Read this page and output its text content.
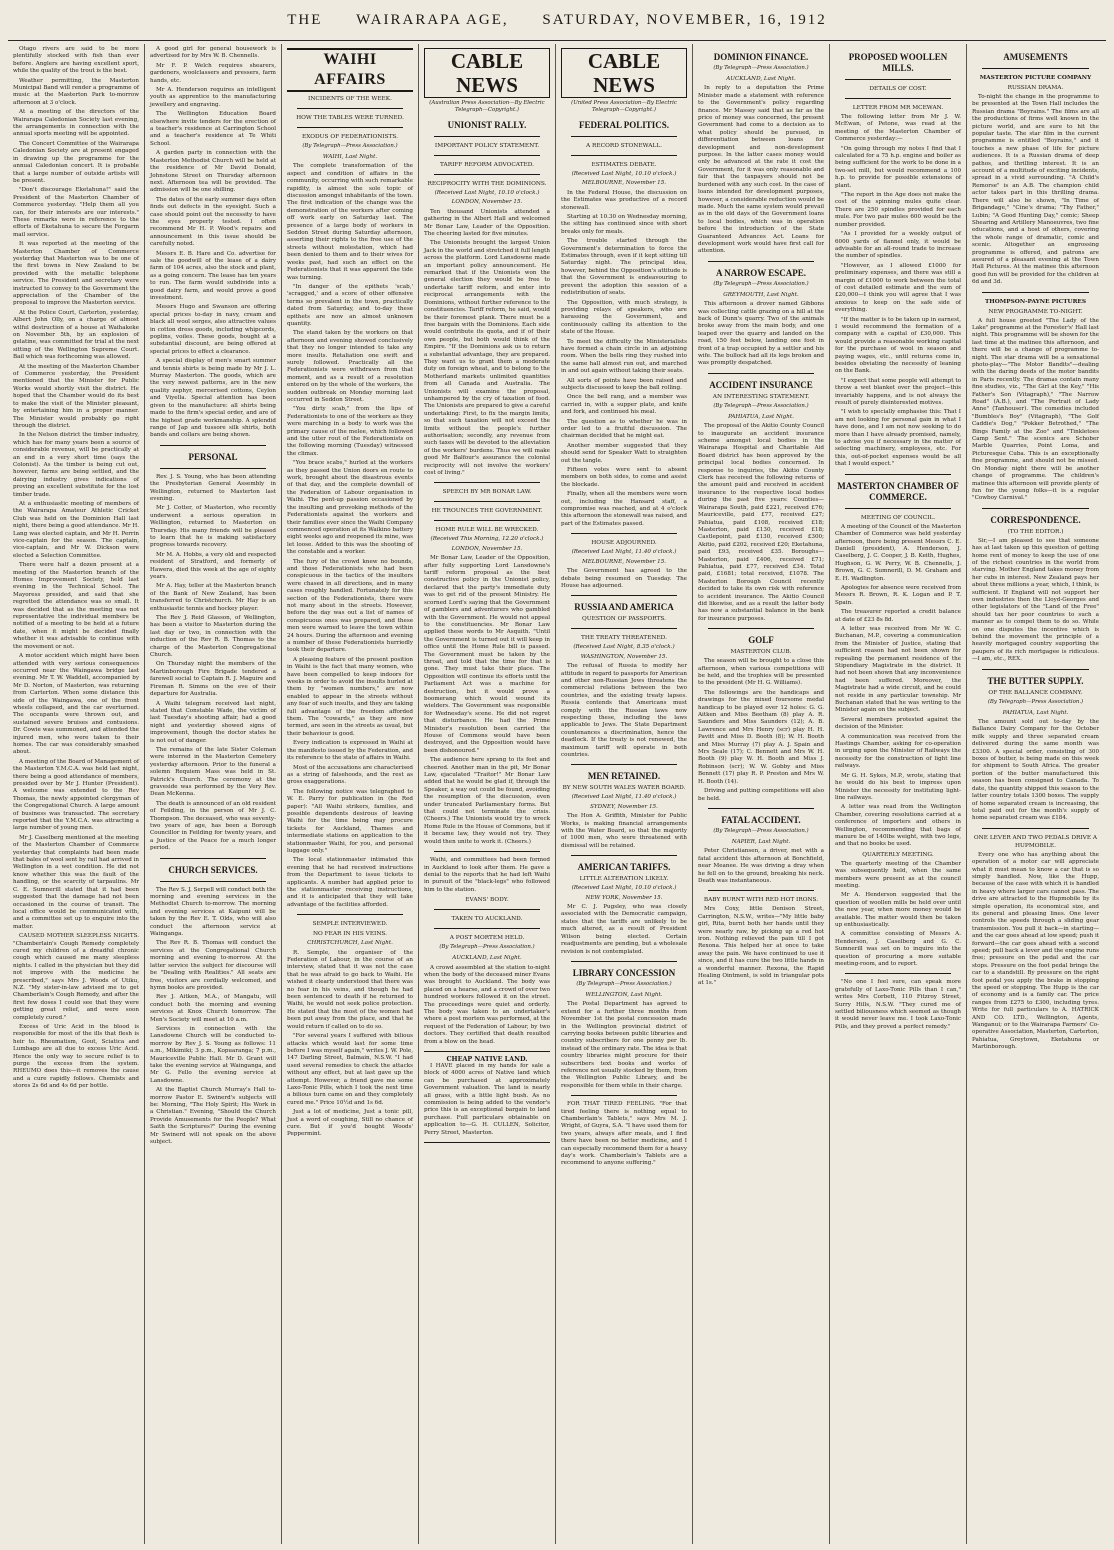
THE WAIRARAPA AGE, SATURDAY, NOVEMBER, 16, 1912

Otago rivers are said to be more plentifully stocked with fish than ever before. Anglers are having excellent sport, while the quality of the trout is the best.

Weather permitting, the Masterton Municipal Band will render a programme of music at the Masterton Park to-morrow afternoon at 3 o'clock.

At a meeting of the directors of the Wairarapa Caledonian Society last evening, the arrangements in connection with the annual sports meeting will be appointed.

The Concert Committee of the Wairarapa Caledonian Society are at present engaged in drawing up the programme for the annual Caledonian concert. It is probable that a large number of outside artists will be present.

"Don't discourage Eketahuna!" said the President of the Masterton Chamber of Commerce yesterday. "Help them all you can, for their interests are our interests." These remarks were in reference to the efforts of Eketahuna to secure the Forgarm mail service.

It was reported at the meeting of the Masterton Chamber of Commerce yesterday that Masterton was to be one of the first towns in New Zealand to be provided with the metallic telephone service. The President and secretary were instructed to convey to the Government the appreciation of the Chamber of the proposal to improve the Masterton service.

At the Police Court, Carterton, yesterday, Albert John Olly, on a charge of almost wilful destruction of a house at Waihakeke on November 5th, by an explosion of gelatine, was committed for trial at the next sitting of the Wellington Supreme Court. Bail which was forthcoming was allowed.

At the meeting of the Masterton Chamber of Commerce yesterday, the President mentioned that the Minister for Public Works would shortly visit the district. He hoped that the Chamber would do its best to make the visit of the Minister pleasant, by entertaining him in a proper manner. The Minister would probably go right through the district.

In the Nelson district the timber industry, which has for many years been a source of considerable revenue, will be practically at an end in a very short time (says the Colonist). As the timber is being cut out, however, farms are being settled, and the dairying industry gives indications of proving an excellent substitute for the lost timber trade.

At a enthusiastic meeting of members of the Wairarapa Amateur Athletic Cricket Club was held on the Dominion Hall last night, there being a good attendance. Mr H. Lang was elected captain, and Mr H. Perrin vice-captain for the season. The captain, vice-captain, and Mr W. Dickson were elected a Selection Committee.

There were half a dozen present at a meeting of the Masterton branch of the Homes Improvement Society, held last evening in the Technical School. The Mayoress presided, and said that she regretted the attendance was so small. It was decided that as the meeting was not representative the individual members be notified of a meeting to be held at a future date, when it might be decided finally whether it was advisable to continue with the movement or not.

A motor accident which might have been attended with very serious consequences occurred near the Waingawa bridge last evening. Mr T. W. Waddell, accompanied by Mr D. Norton, of Masterton, was returning from Carterton. When some distance this side of the Waingawa, one of the front wheels collapsed, and the car overturned. The occupants were thrown out, and sustained severe bruises and contusions. Dr. Cowie was summoned, and attended the injured men, who were taken to their homes. The car was considerably smashed about.

A meeting of the Board of Management of the Masterton Y.M.C.A. was held last night, there being a good attendance of members, presided over by Mr J. Hunter (President). A welcome was extended to the Rev Thomas, the newly appointed clergyman of the Congregational Church. A large amount of business was transacted. The secretary reported that the Y.M.C.A. was attracting a large number of young men.

Mr J. Caselberg mentioned at the meeting of the Masterton Chamber of Commerce yesterday that complaints had been made that bales of wool sent by rail had arrived in Wellington in a wet condition. He did not know whether this was the fault of the handling, or the scarcity of tarpaulins. Mr C. E. Sumnerill stated that it had been suggested that the damage had not been occasioned in the course of transit. The local office would be communicated with, and a committee set up to enquire into the matter.

CAUSED MOTHER SLEEPLESS NIGHTS. "Chamberlain's Cough Remedy completely cured my children of a dreadful chronic cough which caused me many sleepless nights. I called in the physician but they did not improve with the medicine he prescribed," says Mrs J. Woods of Utiku, N.Z. "My sister-in-law advised me to get Chamberlain's Cough Remedy, and after the first few doses I could see that they were getting great relief, and were soon completely cured."

Excess of Uric Acid in the blood is responsible for most of the ills that flesh is heir to. Rheumatism, Gout, Sciatica and Lumbago are all due to excess Uric Acid. Hence the only way to secure relief is to purge the excess from the system. RHEUMO does this—it removes the cause and a cure rapidly follows. Chemists and stores 2s 6d and 4s 6d per bottle.

A good girl for general housework is advertised for by Mrs W. B. Chennells.

Mr F. P. Welch requires shearers, gardeners, woolclassers and pressers, farm hands, etc.

Mr A. Henderson requires an intelligent youth as apprentice to the manufacturing jewellery and engraving.

The Wellington Education Board elsewhere invite tenders for the erection of a teacher's residence at Carrington School and a teacher's residence at Te Whiti School.

A garden party in connection with the Masterton Methodist Church will be held at the residence of Mr David Donald, Johnstone Street on Thursday afternoon next. Afternoon tea will be provided. The admission will be one shilling.

The dates of the early summer days often finds out defects in the eyesight. Such a case should point out the necessity to have the eyes properly tested. I often recommend Mr H. P. Wood's repairs and announcement in this issue should be carefully noted.

Messrs E. B. Hare and Co. advertise for sale the goodwill of the lease of a dairy farm of 104 acres, also the stock and plant, as a going concern. The lease has ten years to run. The farm would subdivide into a good dairy farm, and would prove a good investment.

Messrs Hugo and Swanson are offering special prices to-day in navy, cream and black all wool serges, also attractive values in cotton dress goods, including whipcords, poplins, voiles. These goods, bought at a substantial discount, are being offered at special prices to effect a clearance.

A special display of men's smart summer and tennis shirts is being made by Mr J. L. Murray Masterton. The goods, which are the very newest patterns, are in the new quality zephyr, mercerised cottons, Ceylon and Viyella. Special attention has been given to the manufacture: all shirts being made to the firm's special order, and are of the highest grade workmanship. A splendid range of Jap and tussore silk shirts, both bands and collars are being shown.

PERSONAL

Rev. J. S. Young, who has been attending the Presbyterian General Assembly in Wellington, returned to Masterton last evening.

Mr J. Cotter, of Masterton, who recently underwent a serious operation in Wellington, returned to Masterton on Thursday. His many friends will be pleased to learn that he is making satisfactory progress towards recovery.

Mr M. A. Hobbs, a very old and respected resident of Stratford, and formerly of Hawera, died this week at the age of eighty years.

Mr A. Hay, teller at the Masterton branch of the Bank of New Zealand, has been transferred to Christchurch. Mr Hay is an enthusiastic tennis and hockey player.

The Rev J. Reid Glasson, of Wellington, has been a visitor to Masterton during the last day or two, in connection with the induction of the Rev R. B. Thomas to the charge of the Masterton Congregational Church.

On Thursday night the members of the Martinborough Fire Brigade tendered a farewell social to Captain R. J. Maguire and Fireman R. Simms on the eve of their departure for Australia.

A Waihi telegram received last night, stated that Constable Wade, the victim of last Tuesday's shooting affair, had a good night and yesterday showed signs of improvement, though the doctor states he is not out of danger.

The remains of the late Sister Coleman were interred in the Masterton Cemetery yesterday afternoon. Prior to the funeral a solemn Requiem Mass was held in St. Patrick's Church. The ceremony at the graveside was performed by the Very Rev. Dean McKenna.

The death is announced of an old resident of Feilding, in the person of Mr J. C. Thompson. The deceased, who was seventy-two years of age, has been a Borough Councillor in Feilding for twenty years, and a Justice of the Peace for a much longer period.

CHURCH SERVICES.

The Rev S. J. Serpell will conduct both the morning and evening services in the Methodist Church to-morrow. The morning and evening services at Kaipuni will be taken by the Rev E. T. Olds, who will also conduct the afternoon service at Wainganga.

The Rev R. B. Thomas will conduct the services at the Congregational Church morning and evening to-morrow. At the latter service the subject for discourse will be "Dealing with Realities." All seats are free, visitors are cordially welcomed, and hymn books are provided.

Rev J. Aitken, M.A., of Mangatu, will conduct both the morning and evening services at Knox Church tomorrow. The Men's Society will meet at 10 a.m.

Services in connection with the Lansdowne Church will be conducted to-morrow by Rev J. S. Young as follows: 11 a.m., Mikimiki; 3 p.m., Kopuaranga; 7 p.m., Mauriceville Public Hall. Mr D. Grant will take the evening service at Wainganga, and Mr G. Fello the evening service at Lansdowne.

At the Baptist Church Murray's Hall to-morrow Pastor E. Swinerd's subjects will be: Morning, "The Holy Spirit; His Work in a Christian." Evening, "Should the Church Provide Amusements for the People? What Saith the Scriptures?" During the evening Mr Swinerd will not speak on the above subject.

WAIHI AFFAIRS
INCIDENTS OF THE WEEK.
HOW THE TABLES WERE TURNED.
EXODUS OF FEDERATIONISTS.
(By Telegraph—Press Association.)
WAIHI, Last Night.

The complete transformation of the aspect and condition of affairs in the community, occurring with such remarkable rapidity, is almost the sole topic of discussion amongst inhabitants of the town. The first indication of the change was the demonstration of the workers after coming off work early on Saturday last. The presence of a large body of workers in Seddon Street during Saturday afternoon, asserting their rights to the free use of the streets without molestation, which had been denied to them and to their wives for weeks past, had such an effect on the Federationists that it was apparent the tide was turning.

"In danger of the epithets 'scab,' 'scragged,' and a score of other offensive terms so prevalent in the town, practically dated from Saturday, and to-day these epithets are now an almost unknown quantity.

The stand taken by the workers on that afternoon and evening showed conclusively that they no longer intended to take any more insults. Retaliation one swift and surely followed. Practically all the Federationists were withdrawn from that moment, and as a result of a resolution entered on by the whole of the workers, the sudden outbreak on Monday morning last occurred in Seddon Street.

"You dirty scab," from the lips of Federationists to one of the workers as they were marching in a body to work was the primary cause of the melee, which followed and the utter rout of the Federationists on the following morning (Tuesday) witnessed the climax.

"You brace scabs," hurled at the workers as they passed the Union doors en route to work, brought about the disastrous events of that day, and the complete downfall of the Federation of Labour organisation in Waihi. The pent-up passion occasioned by the insulting and provoking methods of the Federationists against the workers and their families ever since the Waihi Company commenced operation at its Waikino battery eight weeks ago and reopened its mine, was let loose. Added to this was the shooting of the constable and a worker.

The fury of the crowd knew no bounds, and those Federationists who had been conspicuous in the tactics of the insulters were chased in all directions, and in many cases roughly handled. Fortunately for this section of the Federationists, there were not many about in the streets. However, before the day was out a list of names of conspicuous ones was prepared, and these men were warned to leave the town within 24 hours. During the afternoon and evening a number of these Federationists hurriedly took their departure.

A pleasing feature of the present position in Waihi is the fact that many women, who have been compelled to keep indoors for weeks in order to avoid the insults hurled at them by "women numbers," are now enabled to appear in the streets without any fear of such insults, and they are taking full advantage of the freedom afforded them. The "cowards," as they are now termed, are seen in the streets as usual, but their behaviour is good.

Every indication is expressed in Waihi at the manifesto issued by the Federation, and its reference to the state of affairs in Waihi.

Most of the accusations are characterised as a string of falsehoods, and the rest as gross exaggerations.

The following notice was telegraphed to W. E. Parry for publication in (he Red paper): "All Waihi strikers, families, and possible dependents desirous of leaving Waihi for the time being may procure tickets for Auckland, Thames and intermediate stations on application to the stationmaster Waihi, for you, and personal luggage only."

The local stationmaster intimated this evening that he had received instructions from the Department to issue tickets to applicants. A number had applied prior to the stationmaster receiving instructions, and it is anticipated that they will take advantage of the facilities afforded.

SEMPLE INTERVIEWED.
NO FEAR IN HIS VEINS.
CHRISTCHURCH, Last Night.

R. Semple, the organiser of the Federation of Labour, in the course of an interview, stated that it was not the case that he was afraid to go back to Waihi. He wished it clearly understood that there was no fear in his veins, and though he had been sentenced to death if he returned to Waihi, he would not seek police protection. He stated that the most of the women had been put away from the place, and that he would return if called on to do so.

"For several years I suffered with bilious attacks which would last for some time before I was myself again," writes J. W. Pole, 147 Darling Street, Balmain, N.S.W. "I had used several remedies to check the attacks without any effect, but at last gave up the attempt. However, a friend gave me some Laxo-Tonic Pills, which I took the next time a bilious turn came on and they completely cured me." Price 10½d and 1s 6d.

Just a lot of medicine, Just a tonic pill, Just a word of coughing, Still no chance of cure. But if you'd bought Woods' Peppermint.

CABLE NEWS
(Australian Press Association—By Electric Telegraph—Copyright.)
UNIONIST RALLY.
IMPORTANT POLICY STATEMENT.
TARIFF REFORM ADVOCATED.
RECIPROCITY WITH THE DOMINIONS.
(Received Last Night, 10.10 o'clock.)
LONDON, November 15.

Ten thousand Unionists attended a gathering in the Albert Hall and welcomed Mr Bonar Law, Leader of the Opposition. The cheering lasted for five minutes.

The Unionists brought the largest Union Jack in the world and stretched it full length across the platform. Lord Lansdowne made an important policy announcement. He remarked that if the Unionists won the general election they would be free to undertake tariff reform, and enter into reciprocal arrangements with the Dominions, without further reference to the constituencies. Tariff reform, he said, would be their foremost plank. There must be a free bargain with the Dominions. Each side would contribute its quota, and if of their own people, but both would think of the Empire. "If the Dominions ask us to return a substantial advantage, they are prepared. They want us to grant them a moderate duty on foreign wheat, and to belong to the Motherland markets unlimited quantities from all Canada and Australia. The Unionists will examine the proposal, unhampered by the cry of taxation of food. The Unionists are prepared to give a careful undertaking: First, to fix the margin limits, so that such taxation will not exceed the limits without the people's further authorisation; secondly, any revenue from such taxes will be devoted to the alleviation of the workers' burdens. Thus we will make good Mr Balfour's assurance the colonial reciprocity will not involve the workers' cost of living."

SPEECH BY MR BONAR LAW.
HE TROUNCES THE GOVERNMENT.
HOME RULE WILL BE WRECKED.
(Received This Morning, 12.20 o'clock.)
LONDON, November 15.

Mr Bonar Law, Leader of the Opposition, after fully supporting Lord Lansdowne's tariff reform proposal as the best constructive policy in the Unionist policy, declared that the party's immediate duty was to get rid of the present Ministry. He scorned Lord's saying that the Government of gamblers and adventurers who gambled with the Government. He would not appeal to the constituencies. Mr Bonar Law applied these words to Mr Asquith. "Until the Government is turned out it will keep in office until the Home Rule bill is passed. The Government must be taken by the throat, and told that the time for that is gone. They must take their place. The Opposition will continue its efforts until the Parliament Act was a machine for destruction, but it would prove a boomerang which would wound its wielders. The Government was responsible for Wednesday's scene. He did not regret that disturbance. He had the Prime Minister's resolution been carried the House of Commons would have been destroyed, and the Opposition would have been dishonoured."

The audience here sprang to its feet and cheered. Another man in the pit, Mr Bonar Law, ejaculated "Traitor!" Mr Bonar Law added that he would be glad if, through the Speaker, a way out could be found, avoiding the resumption of the discussion, even under truncated Parliamentary forms. But that could not terminate the crisis. (Cheers.) The Unionists would try to wreck Home Rule in the House of Commons, but if it became law, they would not try. They would then unite to work it. (Cheers.)

Waihi, and committees had been formed in Auckland to look after them. He gave a denial to the reports that he had left Waihi in pursuit of the "black-legs" who followed him to the station.

EVANS' BODY.
TAKEN TO AUCKLAND.
A POST MORTEM HELD.
(By Telegraph—Press Association.)
AUCKLAND, Last Night.

A crowd assembled at the station to-night when the body of the deceased miner Evans was brought to Auckland. The body was placed on a hearse, and a crowd of over two hundred workers followed it on the street. The proceedings were quiet and orderly. The body was taken to an undertaker's where a post mortem was performed, at the request of the Federation of Labour, by two doctors. They certified that death resulted from a blow on the head.

CHEAP NATIVE LAND.

I HAVE placed in my hands for sale a block of 4000 acres of Native land which can be purchased at approximately Government valuation. The land is nearly all grass, with a little light bush. As no commission is being added to the vendor's price this is an exceptional bargain to land purchase. Full particulars obtainable on application to—G. H. CULLEN, Solicitor, Perry Street, Masterton.

CABLE NEWS
(United Press Association—By Electric Telegraph—Copyright.)
FEDERAL POLITICS.
A RECORD STONEWALL.
ESTIMATES DEBATE.
(Received Last Night, 10.10 o'clock.)
MELBOURNE, November 15.

In the Federal House, the discussion on the Estimates was productive of a record stonewall.

Starting at 10.30 on Wednesday morning, the sitting has continued since with short breaks only for meals.

The trouble started through the Government's determination to force the Estimates through, even if it kept sitting till Saturday night. The principal idea, however, behind the Opposition's attitude is that the Government is endeavouring to prevent the adoption this session of a redistribution of seats.

The Opposition, with much strategy, is providing relays of speakers, who are harassing the Government, and continuously calling its attention to the state of the House.

To meet the difficulty the Ministerialists have formed a chain circle in an adjoining room. When the bells ring they rushed into the same hall almost run out, and marched in and out again without taking their seats.

All sorts of points have been raised and subjects discussed to keep the ball rolling.

Once the bell rang, and a member was carried in, with a supper plate, and knife and fork, and continued his meal.

The question as to whether he was in order led to a fruitful discussion. The chairman decided that he might eat.

Another member suggested that they should send for Speaker Watt to straighten out the tangle.

Fifteen votes were sent to absent members on both sides, to come and assist the blockade.

Finally, when all the members were worn out, including the Hansard staff, a compromise was reached, and at 4 o'clock this afternoon the stonewall was raised, and part of the Estimates passed.

HOUSE ADJOURNED.
(Received Last Night, 11.40 o'clock.)
MELBOURNE, November 15.

The Government has agreed to the debate being resumed on Tuesday. The House has adjourned.

RUSSIA AND AMERICA
QUESTION OF PASSPORTS.
THE TREATY THREATENED.
(Received Last Night, 8.35 o'clock.)
WASHINGTON, November 15.

The refusal of Russia to modify her attitude in regard to passports for American and other non-Russian Jews threatens the commercial relations between the two countries, and the existing treaty lapses. Russia contends that Americans must comply with the Russian laws now respecting these, including the laws applicable to Jews. The State Department countenances a discrimination, hence the deadlock. If the treaty is not renewed, the maximum tariff will operate in both countries.

MEN RETAINED.
BY NEW SOUTH WALES WATER BOARD.
(Received Last Night, 11.40 o'clock.)
SYDNEY, November 15.

The Hon A. Griffith, Minister for Public Works, is making financial arrangements with the Water Board, so that the majority of 1000 men, who were threatened with dismissal will be retained.

AMERICAN TARIFFS.
LITTLE ALTERATION LIKELY.
(Received Last Night, 10.10 o'clock.)
NEW YORK, November 15.

Mr C. J. Pugsley, who was closely associated with the Democratic campaign, states that the tariffs are unlikely to be much altered, as a result of President Wilson being elected. Certain readjustments are pending, but a wholesale revision is not contemplated.

LIBRARY CONCESSION
(By Telegraph—Press Association.)
WELLINGTON, Last Night.

The Postal Department has agreed to extend for a further three months from November 1st the postal concession made in the Wellington provincial district of carrying books between public libraries and country subscribers for one penny per lb. instead of the ordinary rate. The idea is that country libraries might procure for their subscribers text books and works of reference not usually stocked by them, from the Wellington Public Library, and be responsible for them while in their charge.

FOR THAT TIRED FEELING. "For that tired feeling there is nothing equal to Chamberlain's Tablets," says Mrs M. J. Wright, of Guyra, S.A. "I have used them for two years, always after meals, and I find there have been no better medicine, and I can especially recommend them for a heavy day's work. Chamberlain's Tablets are a recommend to anyone suffering."

DOMINION FINANCE.
(By Telegraph—Press Association.)
AUCKLAND, Last Night.

In reply to a deputation the Prime Minister made a statement with reference to the Government's policy regarding finance. Mr Massey said that as far as the price of money was concerned, the present Government had come to a decision as to what policy should be pursued, in differentiation between loans for development and non-development purpose. In the latter cases money would only be advanced at the rate it cost the Government, for it was only reasonable and fair that the taxpayers should not be burdened with any such cost. In the case of loans intended for development purposes, however, a considerable reduction would be made. Much the same system would prevail as in the old days of the Government loans to local bodies, which was in operation before the introduction of the State Guaranteed Advances Act. Loans for development work would have first call for attention.

A NARROW ESCAPE.
(By Telegraph—Press Association.)
GREYMOUTH, Last Night.

This afternoon a drover named Gibbons was collecting cattle grazing on a hill at the back of Dunn's quarry. Two of the animals broke away from the main body, and one leaped over the quarry and landed on the road, 150 feet below, landing one foot in front of a trap occupied by a settler and his wife. The bullock had all its legs broken and was promptly despatched.

ACCIDENT INSURANCE
AN INTERESTING STATEMENT.
(By Telegraph—Press Association.)
PAHIATUA, Last Night.

The proposal of the Akitio County Council to inaugurate an accident insurance scheme amongst local bodies in the Wairarapa Hospital and Charitable Aid Board district has been approved by the principal local bodies concerned. In response to inquiries, the Akitio County Clerk has received the following returns of the amount paid and received in accident insurance to the respective local bodies during the past five years: Counties—Wairarapa South, paid £221, received £76; Mauriceville, paid £77, received £27; Pahiatua, paid £108, received £18; Masterton, paid £130, received £18; Castlepoint, paid £130, received £300; Akitio, paid £202, received £20; Eketahuna, paid £93, received £35. Boroughs—Masterton, paid £406, received £71; Pahiatua, paid £77, received £34. Total paid, £1681; total received, £1078. The Masterton Borough Council recently decided to take its own risk with reference to accident insurance. The Akitio Council did likewise, and as a result the latter body has now a substantial balance in the bank for insurance purposes.

GOLF
MASTERTON CLUB.

The season will be brought to a close this afternoon, when various competitions will be held, and the trophies will be presented to the president (Mr H. G. Williams).

The followings are the handicaps and drawings for the mixed foursome medal handicap to be played over 12 holes: G. G. Aitken and Miss Beetham (8) play A. R. Saunders and Miss Saunders (12); A. B. Lawrence and Mrs Henry (scr) play H. H. Pavitt and Miss D. Booth (8); W. H. Booth and Miss Murray (7) play A. J. Spain and Mrs Seale (17); C. Bennett and Mrs W. H. Booth (9) play W. H. Booth and Miss J. Robinson (scr); W. W. Gobby and Miss Bennett (17) play R. P. Preston and Mrs W. H. Booth (14).

Driving and putting competitions will also be held.

FATAL ACCIDENT.
(By Telegraph—Press Association.)
NAPIER, Last Night.

Peter Christiansen, a driver, met with a fatal accident this afternoon at Bonchfield, near Meanee. He was driving a dray when he fell on to the ground, breaking his neck. Death was instantaneous.

BABY BURNT WITH RED HOT IRONS.

Mrs Coxy, little Denison Street, Carrington, N.S.W., writes—"My little baby girl, Rita, burnt both her hands until they were nearly raw, by picking up a red hot iron. Nothing relieved the pain till I got Rexona. This helped her at once to take away the pain. We have continued to use it since, and it has cure the two little hands in a wonderful manner. Rexona, the Rapid Healing Ointment, is sold in triangular pots at 1s."

PROPOSED WOOLLEN MILLS.
DETAILS OF COST.
LETTER FROM MR MCEWAN.

The following letter from Mr J. W. McEwan, of Petone, was read at the meeting of the Masterton Chamber of Commerce yesterday:—

"On going through my notes I find that I calculated for a 75 h.p. engine and boiler as being sufficient for the work to be done in a two-set mill, but would recommend a 100 h.p. to provide for possible extensions of plant.

"The report in the Age does not make the cost of the spinning mules quite clear. There are 250 spindles provided for each mule. For two pair mules 600 would be the number provided.

"As I provided for a weekly output of 6000 yards of flannel only, it would be advisable for an all-round trade to increase the number of spindles.

"However, as I allowed £1000 for preliminary expenses, and there was still a margin of £1000 to work between the total of cost detailed estimate and the sum of £20,000—I think you will agree that I was anxious to keep on the safe side of everything.

"If the matter is to be taken up in earnest, I would recommend the formation of a company with a capital of £30,000. This would provide a reasonable working capital for the purchase of wool in season and paying wages, etc., until returns come in, besides obviating the necessity of leaning on the Bank.

"I expect that some people will attempt to throw a wet blanket over the project—this invariably happens, and is not always the result of purely disinterested motives.

"I wish to specially emphasise this: That I am not looking for personal gain in what I have done, and I am not now seeking to do more than I have already promised, namely, to advise you if necessary in the matter of selecting machinery, employees, etc. For this, out-of-pocket expenses would be all that I would expect."

MASTERTON CHAMBER OF COMMERCE.
MEETING OF COUNCIL.

A meeting of the Council of the Masterton Chamber of Commerce was held yesterday afternoon, there being present Messrs C. E. Daniell (president), A. Henderson, J. Caselberg, J. C. Cooper, J. B. Keith, Hughes, Hughson, G. W. Perry, W. B. Chennells, J. Brown, G. C. Sumnerill, D. M. Graham and E. H. Wadlington.

Apologies for absence were received from Messrs R. Brown, R. K. Logan and P. T. Spain.

The treasurer reported a credit balance at date of £23 8s 8d.

A letter was received from Mr W. C. Buchanan, M.P., covering a communication from the Minister of Justice, stating that sufficient reason had not been shown for repealing the permanent residence of the Stipendiary Magistrate in the district. It had not been shown that any inconvenience had been suffered. Moreover, the Magistrate had a wide circuit, and he could not reside in any particular township. Mr Buchanan stated that he was writing to the Minister again on the subject.

Several members protested against the decision of the Minister.

A communication was received from the Hastings Chamber, asking for co-operation in urging upon the Minister of Railways the necessity for the construction of light line railways.

Mr G. H. Sykes, M.P., wrote, stating that he would do his best to impress upon Minister the necessity for instituting light-line railways.

A letter was read from the Wellington Chamber, covering resolutions carried at a conference of importers and others in Wellington, recommending that bags of manure be of 140lbs weight, with two legs, and that no books be used.

QUARTERLY MEETING.

The quarterly meeting of the Chamber was subsequently held, when the same members were present as at the council meeting.

Mr A. Henderson suggested that the question of woollen mills be held over until the new year, when more money would be available. The matter would then be taken up enthusiastically.

A committee consisting of Messrs A. Henderson, J. Caselberg and G. C. Sumnerill was set on to inquire into the question of procuring a more suitable meeting-room, and to report.

"No one I feel sure, can speak more gratefully of Laxo-Tonic Pills than I can," writes Mrs Corbett, 110 Fitzroy Street, Surry Hills, N.S.W. "They cured me of settled biliousness which seemed as though it would never leave me. I took Laxo-Tonic Pills, and they proved a perfect remedy."

AMUSEMENTS
MASTERTON PICTURE COMPANY
RUSSIAN DRAMA.

To-night the change in the programme to be presented at the Town Hall includes the Russian drama "Boyrains." The films are all the productions of firms well known in the picture world, and are sure to hit the popular taste. The star film in the current programme is entitled "Boyrains," and it touches a new phase of life for picture audiences. It is a Russian drama of deep pathos, and thrilling interest. It is an account of a multitude of exciting incidents, spread in a vivid surrounding. "A Child's Remorse" is an A.B. The champion child actor takes part in this thrilling drama. There will also be shown, "In Time of Brigandage," "Cine's drama; "Thy Father," Lubin; "A Good Hunting Day," comic; Sheep Shearing and Artillery Manoeuvres, two fine educations, and a host of others, covering the whole range of dramatic, comic and scenic. Altogether an engrossing programme is offered, and patrons are assured of a pleasant evening at the Town Hall Pictures. At the matinee this afternoon good fun will be provided for the children at 6d and 3d.

THOMPSON-PAYNE PICTURES
NEW PROGRAMME TO-NIGHT.

A full house greeted "The Lady of the Lake" programme at the Forester's' Hall last night. This programme will be shown for the last time at the matinee this afternoon, and there will be a change of programme to-night. The star drama will be a sensational photo-play—"The Motor Bandits"—dealing with the daring deeds of the motor bandits in Paris recently. The dramas contain many fine studies, viz., "The Girl at the Key," "His Father's Son (Vitagraph)," "The Narrow Road" (A.B.), and "The Portrait of Lady Anne" (Tanhouser). The comedies included "Bumbles's Boy" (Vitagraph), "The Golf Caddie's Dog," "Pokker Betrothed," "The Bings Family at the Zoo" and "Tinkletoes Camp Sent." The scenics are Schober Marble Quarries, Point Loma, and Picturesque Cuba. This is an exceptionally fine programme, and should not be missed. On Monday night there will be another change of programme. The children's matinee this afternoon will provide plenty of fun for the young folks—it is a regular "Cowboy Carnival."

CORRESPONDENCE.
(TO THE EDITOR.)

Sir,—I am pleased to see that someone has at last taken up this question of getting home rent of money to keep the use of one of the richest countries in the world from starving. Mother England takes money from her cubs in interest. New Zealand pays her about three millions a year, which, I think, is sufficient. If England will not support her own industries then the Lloyd-Georges and other legislators of the "Land of the Free" should tax her poor countries to such a manner as to compel them to do so. While on one disputes the incentive which is behind the movement the principle of a heavily mortgaged country supporting the paupers of its rich mortgagee is ridiculous.—I am, etc., REX.

THE BUTTER SUPPLY.
OF THE BALLANCE COMPANY.
(By Telegraph—Press Association.)
PAHIATUA, Last Night.

The amount sold out to-day by the Ballance Dairy Company for the October milk supply and three separated cream delivered during the same month was £3300. A special order, consisting of 300 boxes of butter, is being made on this week for shipment to South Africa. The greater portion of the butter manufactured this season has been consigned to Canada. To date, the quantity shipped this season to the latter country totals 1300 boxes. The supply of home separated cream is increasing, the total paid out for the month's supply of home separated cream was £184.

ONE LEVER AND TWO PEDALS DRIVE A HUPMOBILE.

Every one who has anything about the operation of a motor car will appreciate what it must mean to know a car that is so simply handled. Now, like the Hupp, because of the case with which it is handled in heavy where larger cars cannot pass. The drive are attracted to the Hupmobile by its simple operation, its economical size, and its general and pleasing lines. One lever controls the speeds through a sliding gear transmission. You pull it back—in starting—and the car goes ahead at low speed; push it forward—the car goes ahead with a second speed; pull back a lever and the engine runs free; pressure on the pedal and the car stops. Pressure on the foot pedal brings the car to a standstill. By pressure on the right foot pedal you apply the brake in stopping the speed or stopping. The Hupp is the car of economy and is a family car. The price ranges from £275 to £300, including tyres. Write for full particulars to A. HATRICK AND CO. LTD., Wellington, Agents, Wanganui; or to the Wairarapa Farmers' Co-operative Association, Masterton, Carterton, Pahiatua, Greytown, Eketahuna or Martinborough.
